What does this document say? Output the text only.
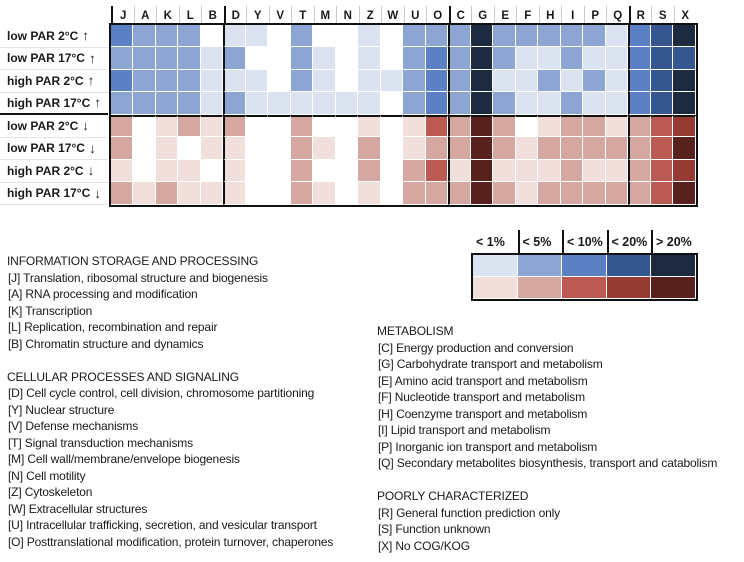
J	A	K	L	B	D	Y	V	T	M	N	Z	W	U	O	C	G	E	F	H	I	P	Q	R	S	X
low PAR 2°C ↑
low PAR 17°C ↑
high PAR 2°C ↑
high PAR 17°C ↑
low PAR 2°C ↓
low PAR 17°C ↓
high PAR 2°C ↓
high PAR 17°C ↓
< 1%	< 5%	< 10% < 20% > 20%
INFORMATION STORAGE AND PROCESSING
[J] Translation, ribosomal structure and biogenesis
[A] RNA processing and modification
[K] Transcription
[L] Replication, recombination and repair
[B] Chromatin structure and dynamics
CELLULAR PROCESSES AND SIGNALING
[D] Cell cycle control, cell division, chromosome partitioning
[Y] Nuclear structure
[V] Defense mechanisms
[T] Signal transduction mechanisms
[M] Cell wall/membrane/envelope biogenesis
[N] Cell motility
[Z] Cytoskeleton
[W] Extracellular structures
[U] Intracellular trafficking, secretion, and vesicular transport
[O] Posttranslational modification, protein turnover, chaperones
METABOLISM
[C] Energy production and conversion
[G] Carbohydrate transport and metabolism
[E] Amino acid transport and metabolism
[F] Nucleotide transport and metabolism
[H] Coenzyme transport and metabolism
[I] Lipid transport and metabolism
[P] Inorganic ion transport and metabolism
[Q] Secondary metabolites biosynthesis, transport and catabolism
POORLY CHARACTERIZED
[R] General function prediction only
[S] Function unknown
[X] No COG/KOG
